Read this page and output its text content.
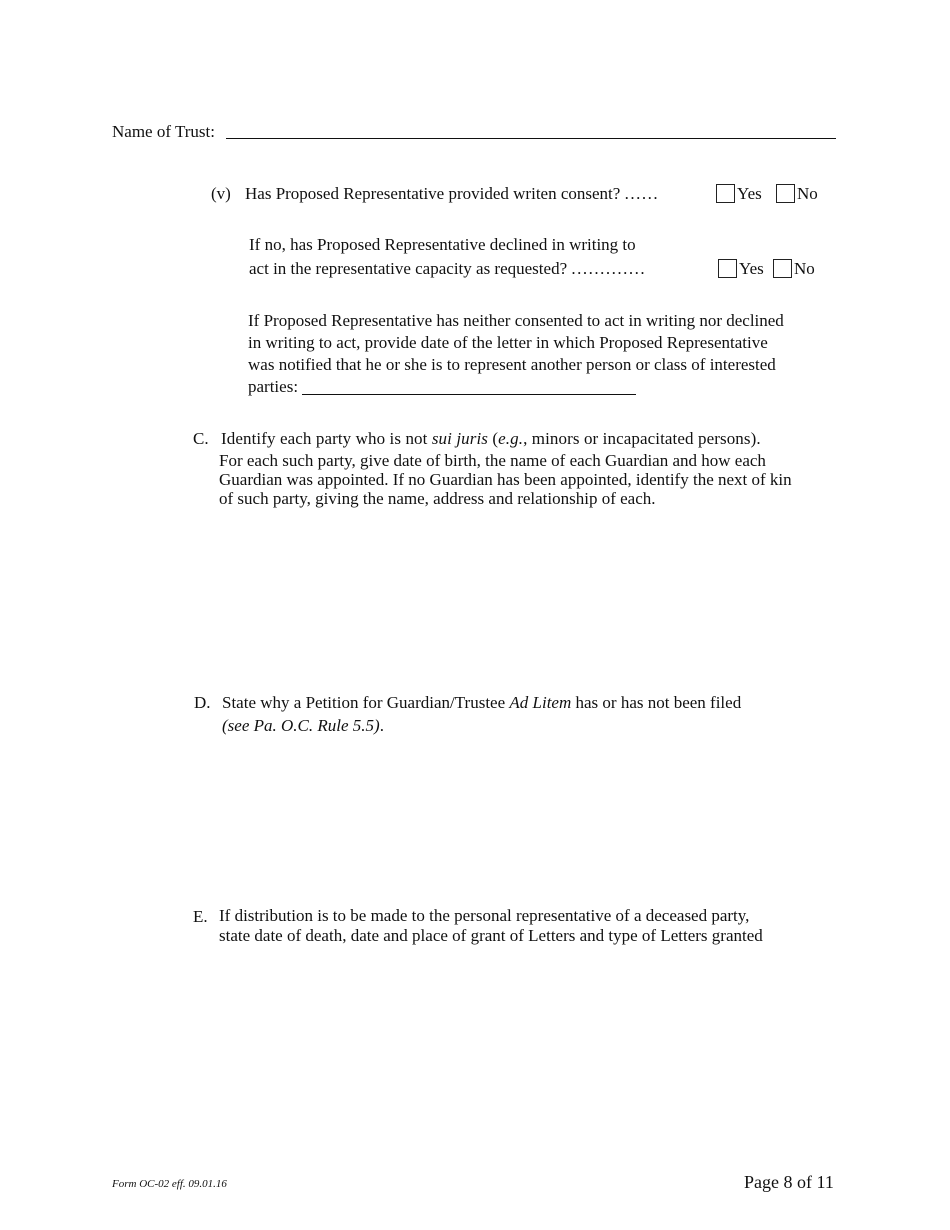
Name of Trust:
(v) Has Proposed Representative provided writen consent? ......	Yes	No
If no, has Proposed Representative declined in writing to
act in the representative capacity as requested? .............	Yes	No
If Proposed Representative has neither consented to act in writing nor declined
in writing to act, provide date of the letter in which Proposed Representative
was notified that he or she is to represent another person or class of interested
parties:
C. Identify each party who is not sui juris (e.g., minors or incapacitated persons).
For each such party, give date of birth, the name of each Guardian and how each
Guardian was appointed. If no Guardian has been appointed, identify the next of kin
of such party, giving the name, address and relationship of each.
D. State why a Petition for Guardian/Trustee Ad Litem has or has not been filed
(see Pa. O.C. Rule 5.5).
E. If distribution is to be made to the personal representative of a deceased party,
state date of death, date and place of grant of Letters and type of Letters granted
Form OC-02 eff. 09.01.16	Page 8 of 11
